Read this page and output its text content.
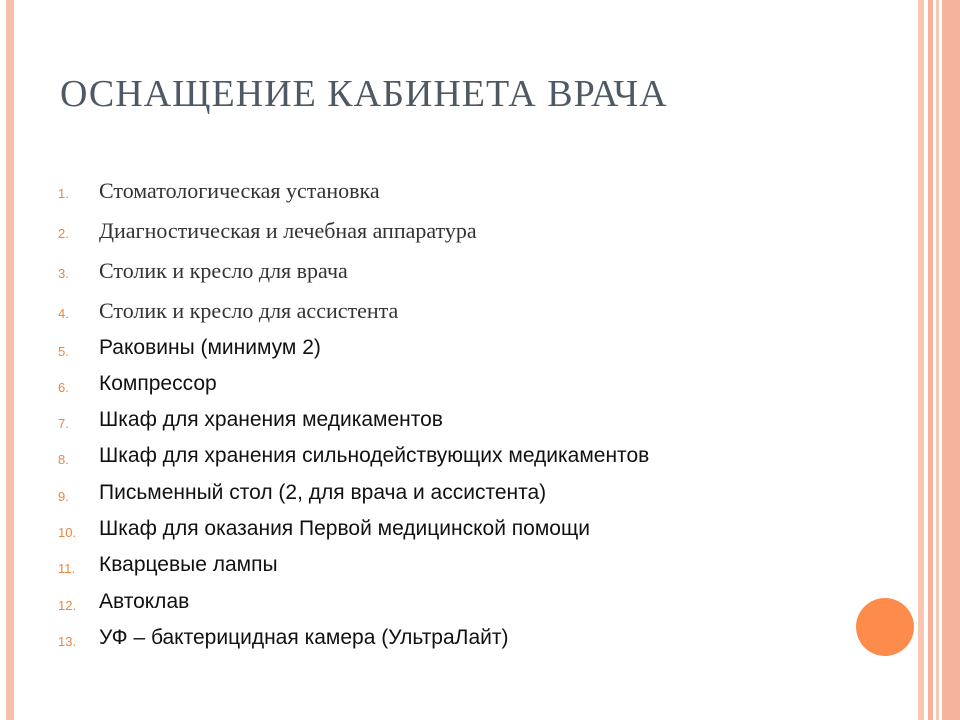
ОСНАЩЕНИЕ КАБИНЕТА ВРАЧА
1.	Стоматологическая установка
2.	Диагностическая и лечебная аппаратура
3.	Столик и кресло для врача
4.	Столик и кресло для ассистента
5.	Раковины (минимум 2)
6.	Компрессор
7.	Шкаф для хранения медикаментов
8.	Шкаф для хранения сильнодействующих медикаментов
9.	Письменный стол (2, для врача и ассистента)
10.	Шкаф для оказания Первой медицинской помощи
11.	Кварцевые лампы
12.	Автоклав
13.	УФ – бактерицидная камера (УльтраЛайт)
